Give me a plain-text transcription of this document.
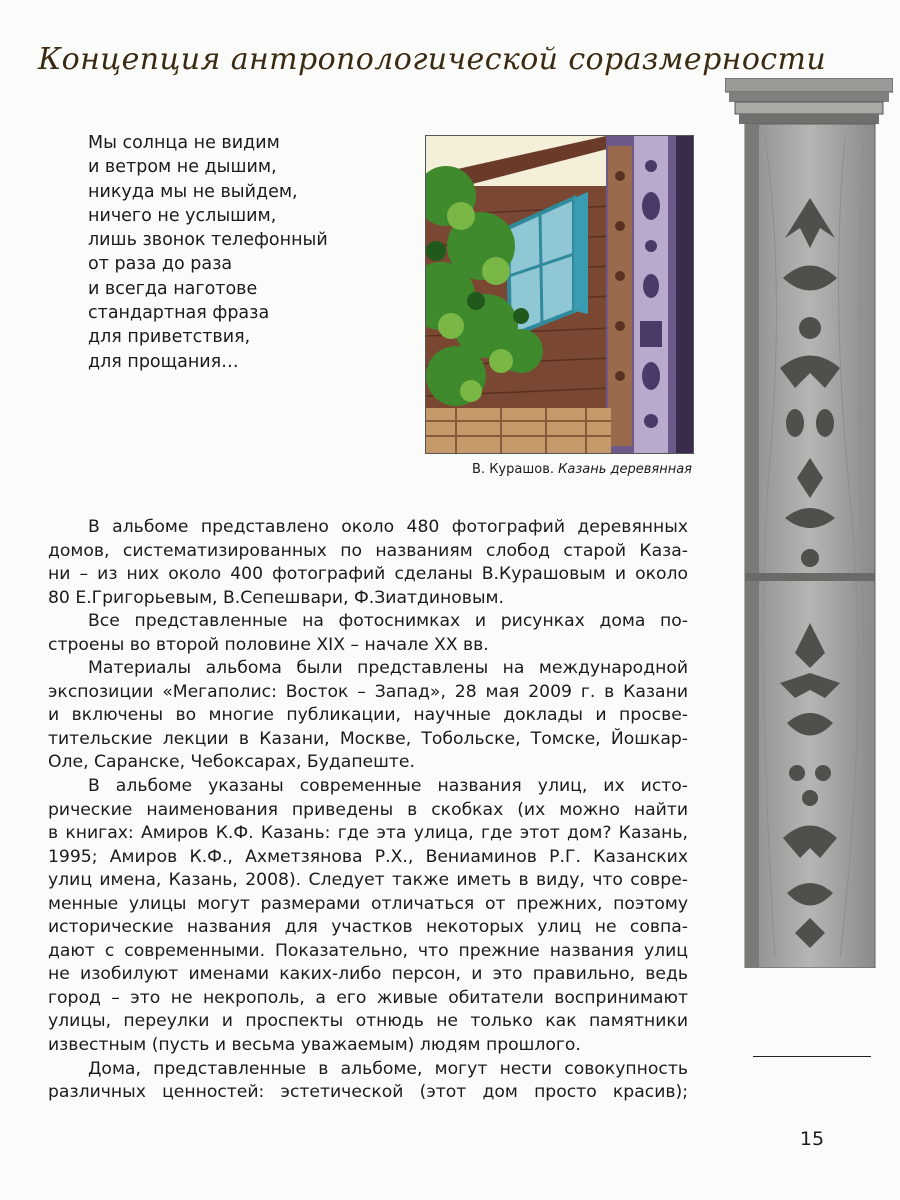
Концепция антропологической соразмерности
Мы солнца не видим
и ветром не дышим,
никуда мы не выйдем,
ничего не услышим,
лишь звонок телефонный
от раза до раза
и всегда наготове
стандартная фраза
для приветствия,
для прощания…
В. Курашов. Казань деревянная
В альбоме представлено около 480 фотографий деревянных
домов, систематизированных по названиям слобод старой Каза-
ни – из них около 400 фотографий сделаны В.Курашовым и около
80 Е.Григорьевым, В.Сепешвари, Ф.Зиатдиновым.
Все представленные на фотоснимках и рисунках дома по-
строены во второй половине XIX – начале XX вв.
Материалы альбома были представлены на международной
экспозиции «Мегаполис: Восток – Запад», 28 мая 2009 г. в Казани
и включены во многие публикации, научные доклады и просве-
тительские лекции в Казани, Москве, Тобольске, Томске, Йошкар-
Оле, Саранске, Чебоксарах, Будапеште.
В альбоме указаны современные названия улиц, их исто-
рические наименования приведены в скобках (их можно найти
в книгах: Амиров К.Ф. Казань: где эта улица, где этот дом? Казань,
1995; Амиров К.Ф., Ахметзянова Р.Х., Вениаминов Р.Г. Казанских
улиц имена, Казань, 2008). Следует также иметь в виду, что совре-
менные улицы могут размерами отличаться от прежних, поэтому
исторические названия для участков некоторых улиц не совпа-
дают с современными. Показательно, что прежние названия улиц
не изобилуют именами каких-либо персон, и это правильно, ведь
город – это не некрополь, а его живые обитатели воспринимают
улицы, переулки и проспекты отнюдь не только как памятники
известным (пусть и весьма уважаемым) людям прошлого.
Дома, представленные в альбоме, могут нести совокупность
различных ценностей: эстетической (этот дом просто красив);
15
